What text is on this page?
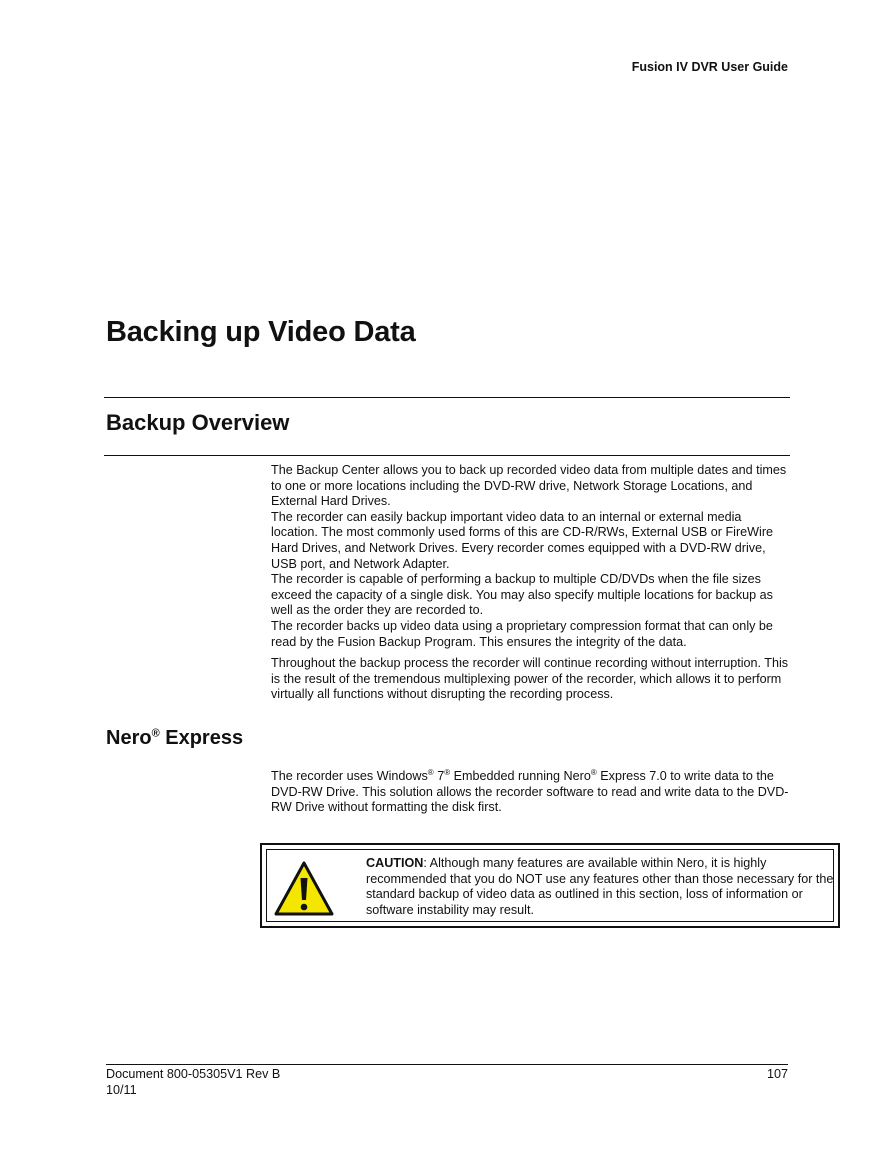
Fusion IV DVR User Guide
Backing up Video Data
Backup Overview

The Backup Center allows you to back up recorded video data from multiple dates and times to one or more locations including the DVD-RW drive, Network Storage Locations, and External Hard Drives.

The recorder can easily backup important video data to an internal or external media location. The most commonly used forms of this are CD-R/RWs, External USB or FireWire Hard Drives, and Network Drives. Every recorder comes equipped with a DVD-RW drive, USB port, and Network Adapter.

The recorder is capable of performing a backup to multiple CD/DVDs when the file sizes exceed the capacity of a single disk. You may also specify multiple locations for backup as well as the order they are recorded to.

The recorder backs up video data using a proprietary compression format that can only be read by the Fusion Backup Program. This ensures the integrity of the data.

Throughout the backup process the recorder will continue recording without interruption. This is the result of the tremendous multiplexing power of the recorder, which allows it to perform virtually all functions without disrupting the recording process.

Nero® Express

The recorder uses Windows® 7® Embedded running Nero® Express 7.0 to write data to the DVD-RW Drive. This solution allows the recorder software to read and write data to the DVD-RW Drive without formatting the disk first.

CAUTION: Although many features are available within Nero, it is highly recommended that you do NOT use any features other than those necessary for the standard backup of video data as outlined in this section, loss of information or software instability may result.
Document 800-05305V1 Rev B
10/11
107
